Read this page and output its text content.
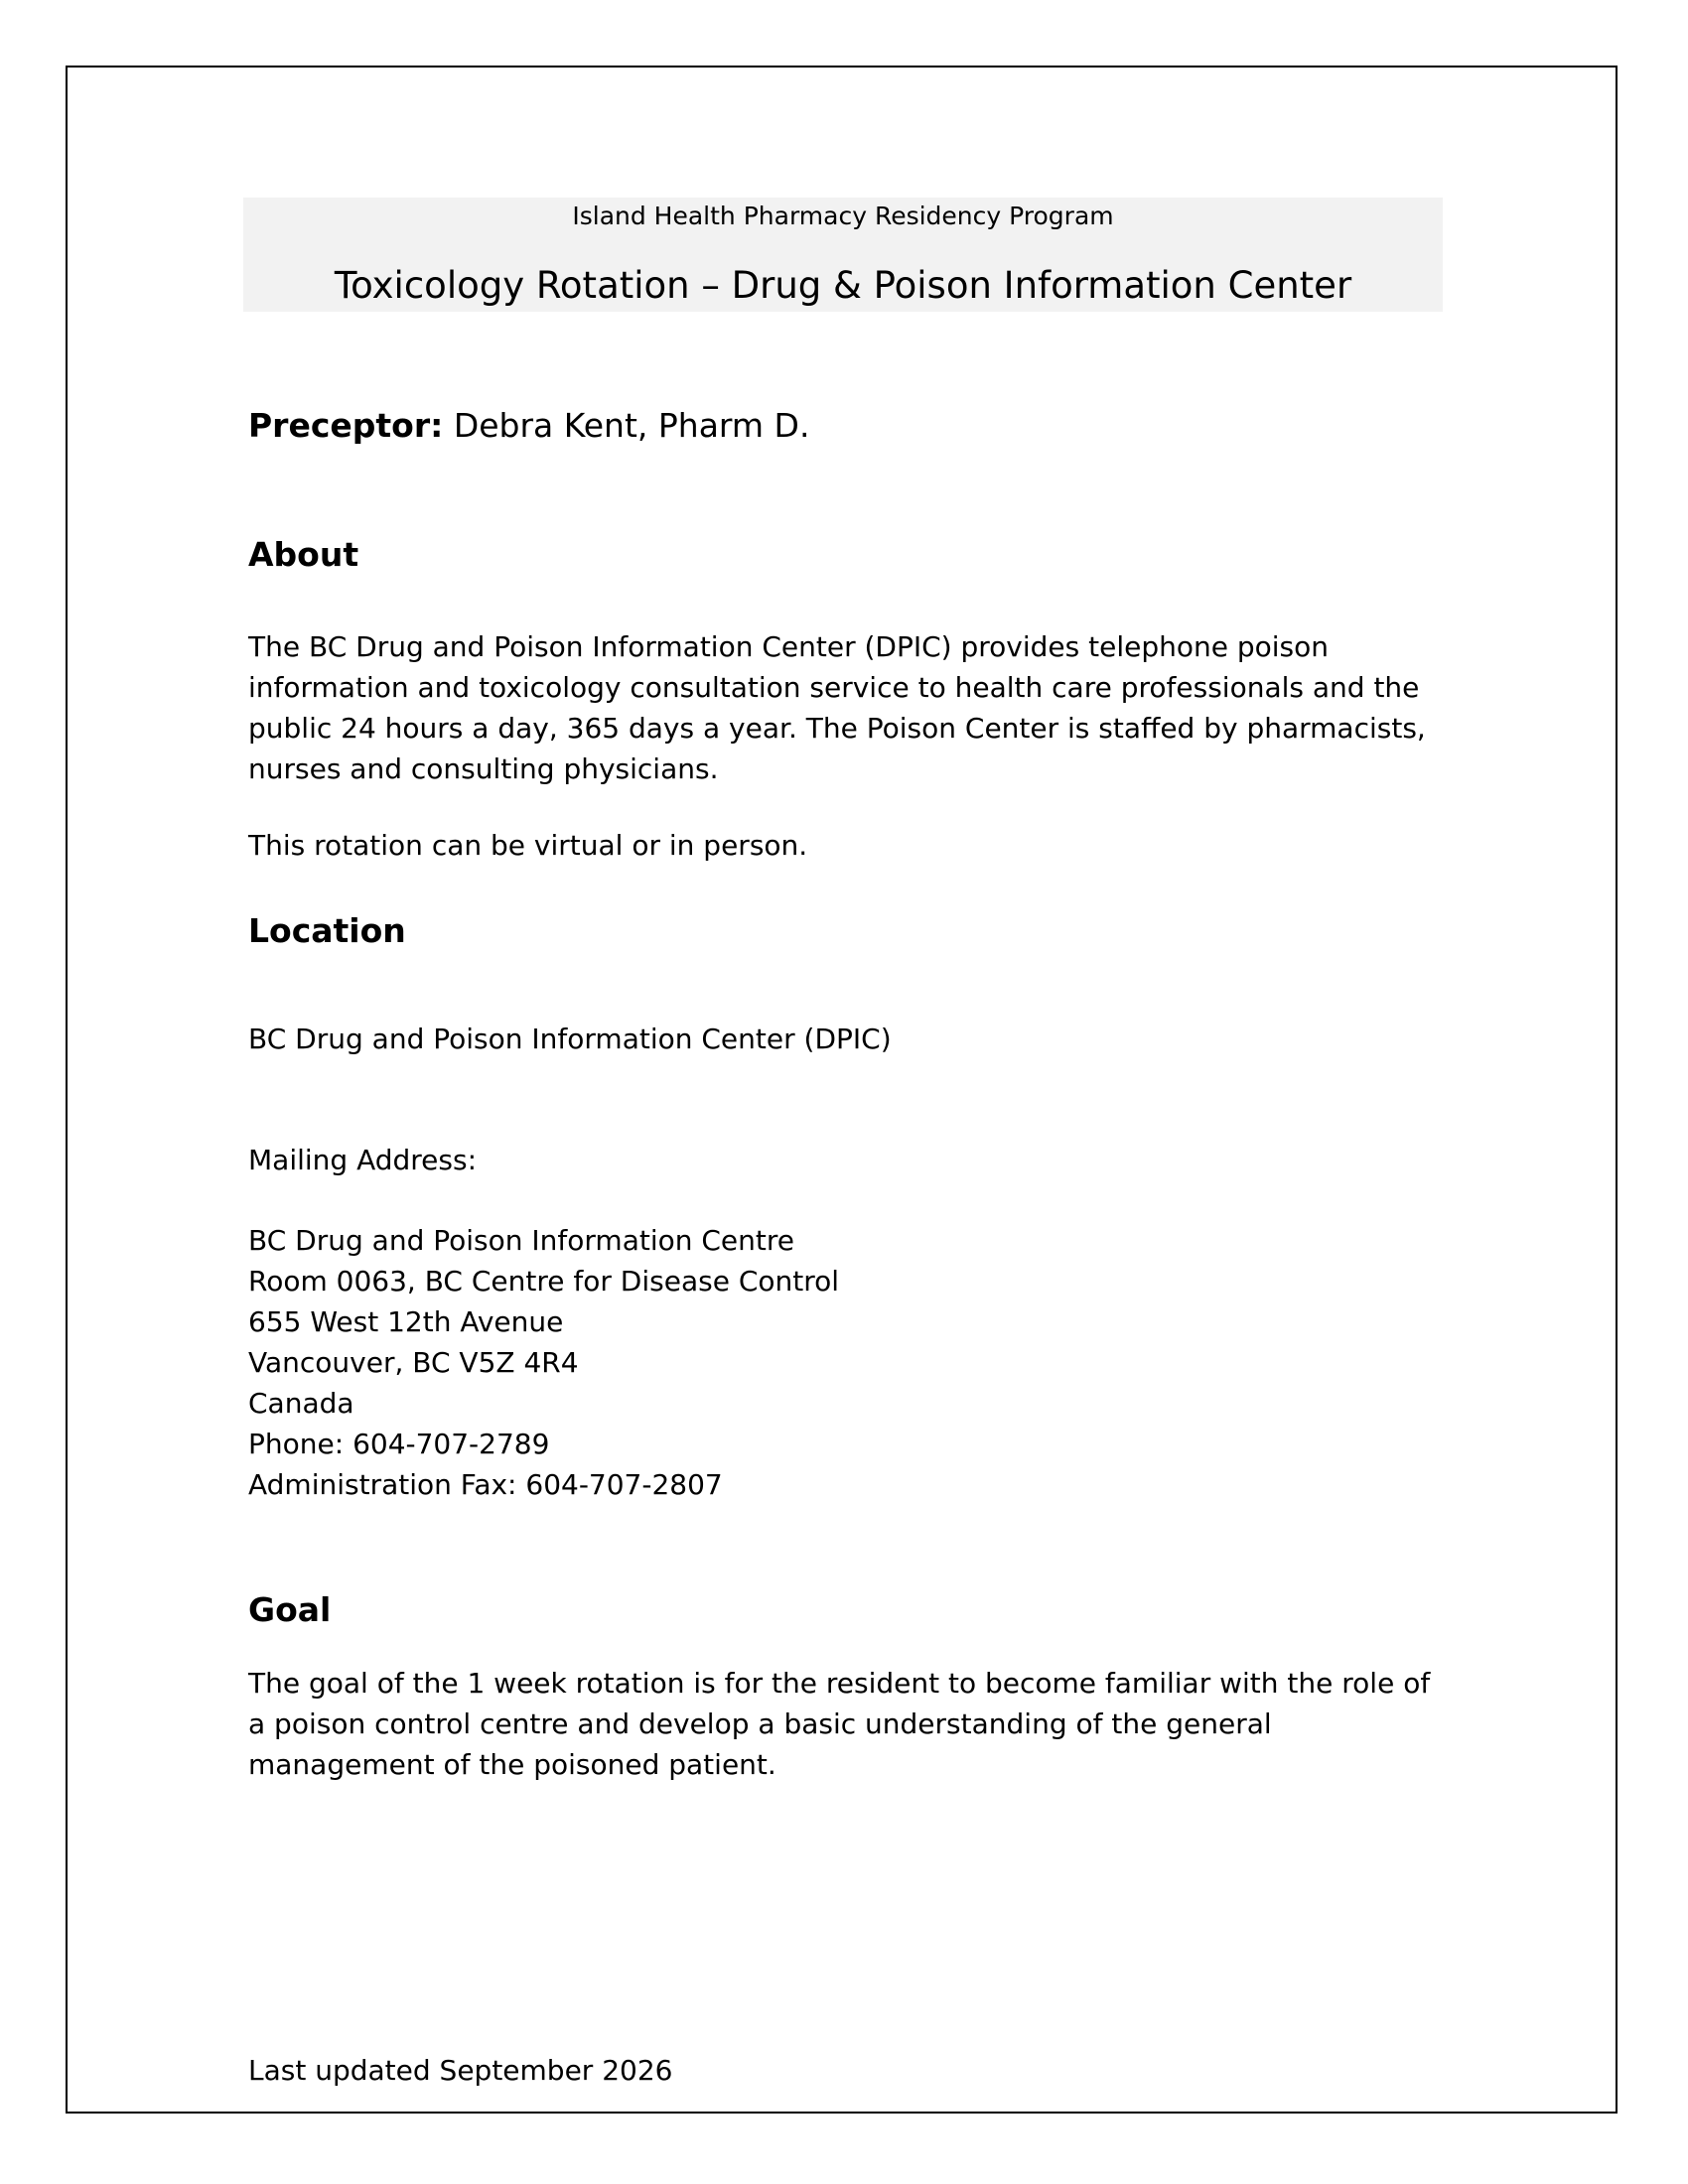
Island Health Pharmacy Residency Program
Toxicology Rotation – Drug & Poison Information Center
Preceptor: Debra Kent, Pharm D.
About

The BC Drug and Poison Information Center (DPIC) provides telephone poison information and toxicology consultation service to health care professionals and the public 24 hours a day, 365 days a year. The Poison Center is staffed by pharmacists, nurses and consulting physicians.

This rotation can be virtual or in person.

Location

BC Drug and Poison Information Center (DPIC)

Mailing Address:

BC Drug and Poison Information Centre
Room 0063, BC Centre for Disease Control
655 West 12th Avenue
Vancouver, BC V5Z 4R4
Canada
Phone: 604-707-2789
Administration Fax: 604-707-2807
Goal

The goal of the 1 week rotation is for the resident to become familiar with the role of a poison control centre and develop a basic understanding of the general management of the poisoned patient.

Last updated September 2026
